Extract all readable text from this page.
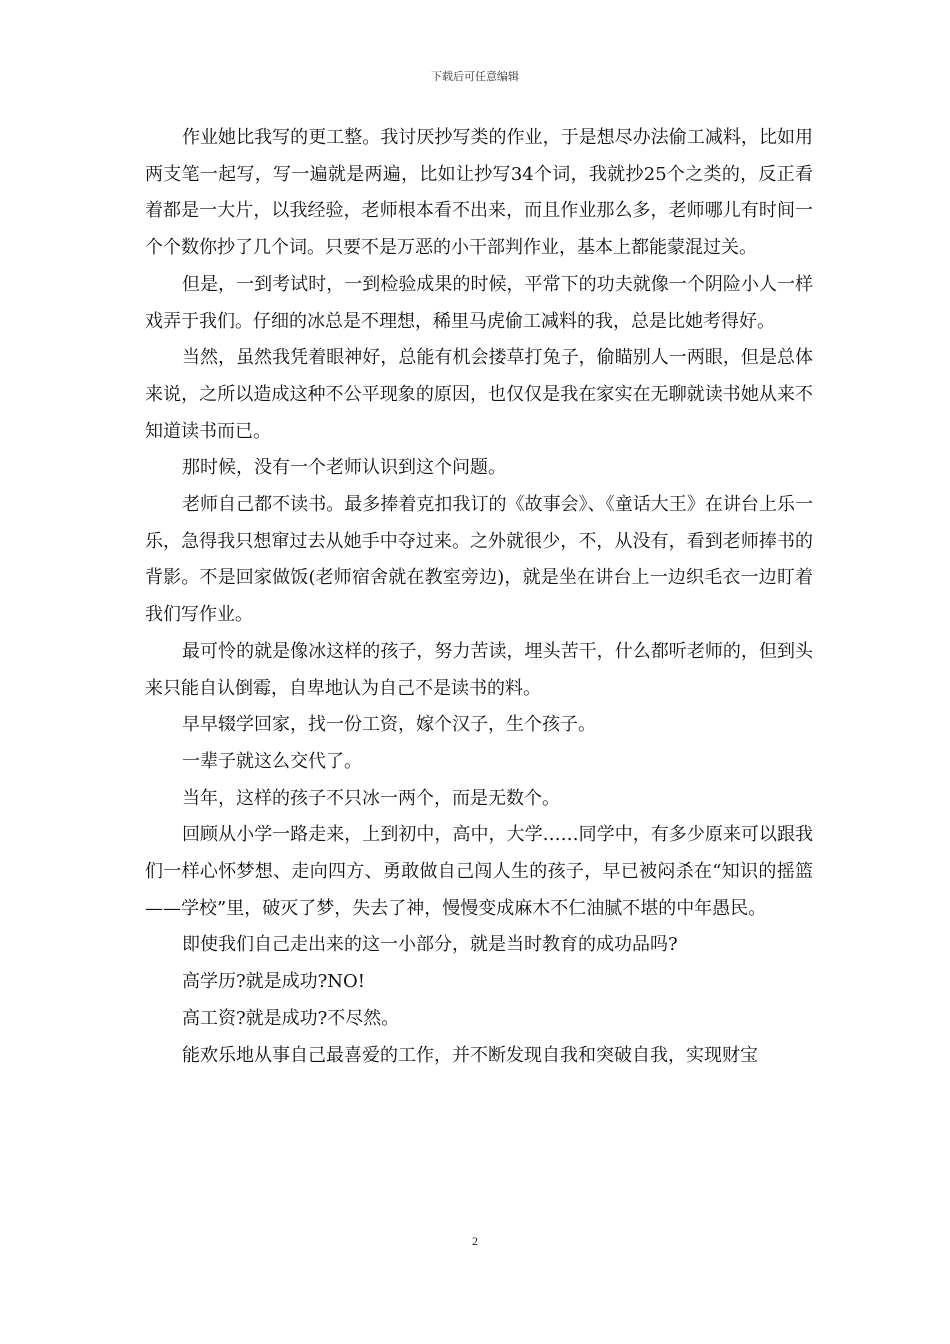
下载后可任意编辑

作业她比我写的更工整。我讨厌抄写类的作业，于是想尽办法偷工减料，比如用两支笔一起写，写一遍就是两遍，比如让抄写34个词，我就抄25个之类的，反正看着都是一大片，以我经验，老师根本看不出来，而且作业那么多，老师哪儿有时间一个个数你抄了几个词。只要不是万恶的小干部判作业，基本上都能蒙混过关。

但是，一到考试时，一到检验成果的时候，平常下的功夫就像一个阴险小人一样戏弄于我们。仔细的冰总是不理想，稀里马虎偷工减料的我，总是比她考得好。

当然，虽然我凭着眼神好，总能有机会搂草打兔子，偷瞄别人一两眼，但是总体来说，之所以造成这种不公平现象的原因，也仅仅是我在家实在无聊就读书她从来不知道读书而已。

那时候，没有一个老师认识到这个问题。

老师自己都不读书。最多捧着克扣我订的《故事会》、《童话大王》在讲台上乐一乐，急得我只想窜过去从她手中夺过来。之外就很少，不，从没有，看到老师捧书的背影。不是回家做饭(老师宿舍就在教室旁边)，就是坐在讲台上一边织毛衣一边盯着我们写作业。

最可怜的就是像冰这样的孩子，努力苦读，埋头苦干，什么都听老师的，但到头来只能自认倒霉，自卑地认为自己不是读书的料。

早早辍学回家，找一份工资，嫁个汉子，生个孩子。

一辈子就这么交代了。

当年，这样的孩子不只冰一两个，而是无数个。

回顾从小学一路走来，上到初中，高中，大学……同学中，有多少原来可以跟我们一样心怀梦想、走向四方、勇敢做自己闯人生的孩子，早已被闷杀在“知识的摇篮——学校”里，破灭了梦，失去了神，慢慢变成麻木不仁油腻不堪的中年愚民。

即使我们自己走出来的这一小部分，就是当时教育的成功品吗?

高学历?就是成功?NO!

高工资?就是成功?不尽然。

能欢乐地从事自己最喜爱的工作，并不断发现自我和突破自我，实现财宝

2
